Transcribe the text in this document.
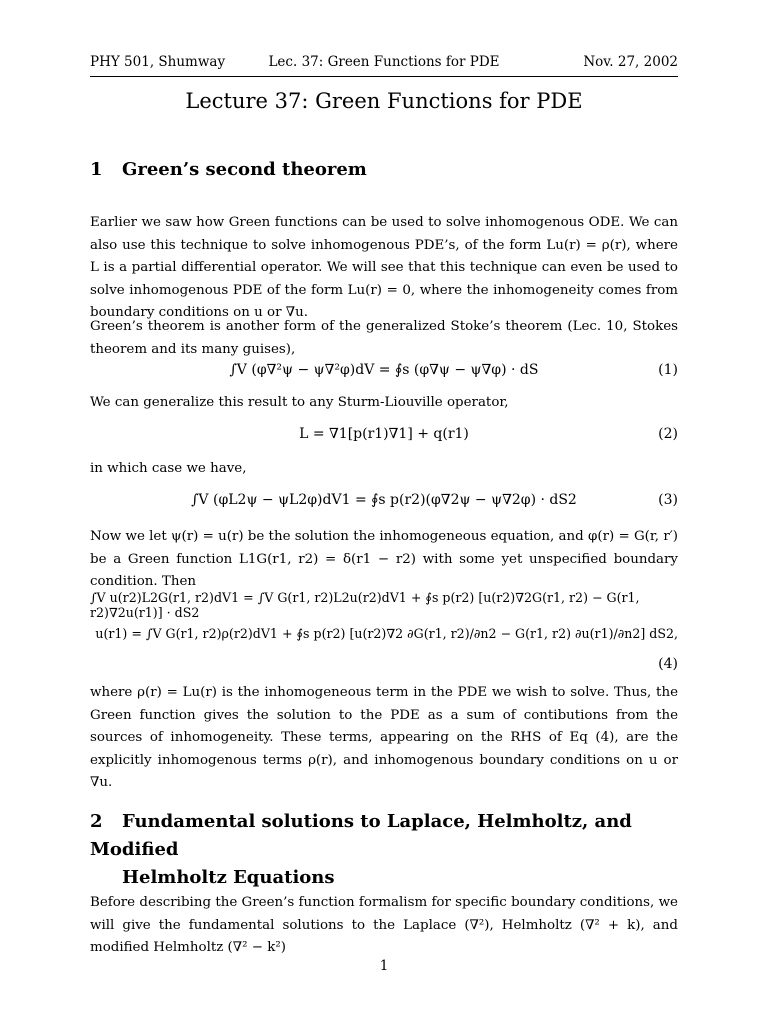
PHY 501, Shumway	Lec. 37: Green Functions for PDE	Nov. 27, 2002
Lecture 37: Green Functions for PDE
1 Green’s second theorem
Earlier we saw how Green functions can be used to solve inhomogenous ODE. We can also use this technique to solve inhomogenous PDE’s, of the form Lu(r) = ρ(r), where L is a partial differential operator. We will see that this technique can even be used to solve inhomogenous PDE of the form Lu(r) = 0, where the inhomogeneity comes from boundary conditions on u or ∇u.
Green’s theorem is another form of the generalized Stoke’s theorem (Lec. 10, Stokes theorem and its many guises),
∫V (φ∇²ψ − ψ∇²φ)dV = ∮s (φ∇ψ − ψ∇φ) · dS	(1)
We can generalize this result to any Sturm-Liouville operator,
L = ∇1[p(r1)∇1] + q(r1)	(2)
in which case we have,
∫V (φL2ψ − ψL2φ)dV1 = ∮s p(r2)(φ∇2ψ − ψ∇2φ) · dS2	(3)
Now we let ψ(r) = u(r) be the solution the inhomogeneous equation, and φ(r) = G(r, r′) be a Green function L1G(r1, r2) = δ(r1 − r2) with some yet unspecified boundary condition. Then
∫V u(r2)L2G(r1, r2)dV1 = ∫V G(r1, r2)L2u(r2)dV1 + ∮s p(r2) [u(r2)∇2G(r1, r2) − G(r1, r2)∇2u(r1)] · dS2
u(r1) = ∫V G(r1, r2)ρ(r2)dV1 + ∮s p(r2) [u(r2)∇2 ∂G(r1, r2)/∂n2 − G(r1, r2) ∂u(r1)/∂n2] dS2,
(4)
where ρ(r) = Lu(r) is the inhomogeneous term in the PDE we wish to solve. Thus, the Green function gives the solution to the PDE as a sum of contibutions from the sources of inhomogeneity. These terms, appearing on the RHS of Eq (4), are the explicitly inhomogenous terms ρ(r), and inhomogenous boundary conditions on u or ∇u.
2 Fundamental solutions to Laplace, Helmholtz, and Modified
Helmholtz Equations
Before describing the Green’s function formalism for specific boundary conditions, we will give the fundamental solutions to the Laplace (∇²), Helmholtz (∇² + k), and modified Helmholtz (∇² − k²)
1
